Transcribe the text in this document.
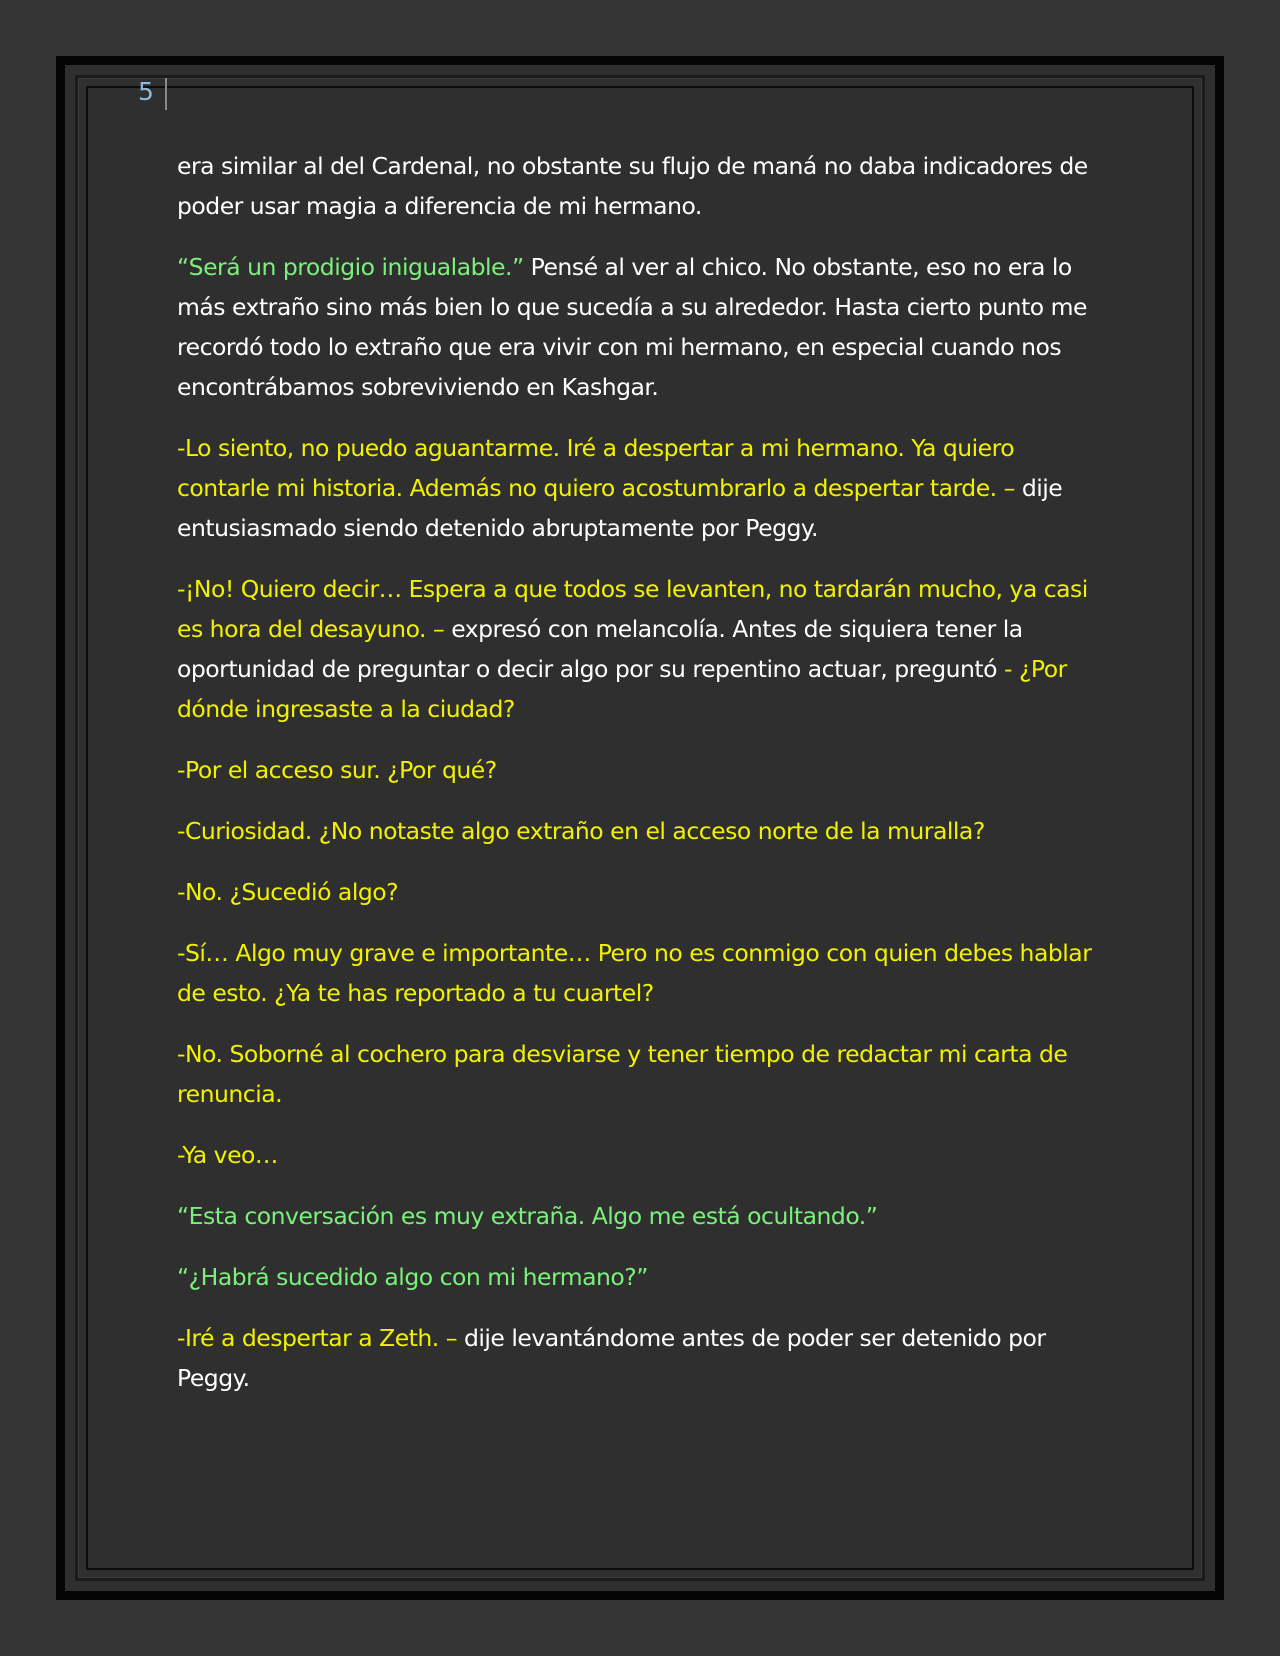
5

era similar al del Cardenal, no obstante su flujo de maná no daba indicadores de poder usar magia a diferencia de mi hermano.

“Será un prodigio inigualable.” Pensé al ver al chico. No obstante, eso no era lo más extraño sino más bien lo que sucedía a su alrededor. Hasta cierto punto me recordó todo lo extraño que era vivir con mi hermano, en especial cuando nos encontrábamos sobreviviendo en Kashgar.

-Lo siento, no puedo aguantarme. Iré a despertar a mi hermano. Ya quiero contarle mi historia. Además no quiero acostumbrarlo a despertar tarde. – dije entusiasmado siendo detenido abruptamente por Peggy.

-¡No! Quiero decir… Espera a que todos se levanten, no tardarán mucho, ya casi es hora del desayuno. – expresó con melancolía. Antes de siquiera tener la oportunidad de preguntar o decir algo por su repentino actuar, preguntó - ¿Por dónde ingresaste a la ciudad?

-Por el acceso sur. ¿Por qué?

-Curiosidad. ¿No notaste algo extraño en el acceso norte de la muralla?

-No. ¿Sucedió algo?

-Sí… Algo muy grave e importante… Pero no es conmigo con quien debes hablar de esto. ¿Ya te has reportado a tu cuartel?

-No. Soborné al cochero para desviarse y tener tiempo de redactar mi carta de renuncia.

-Ya veo…

“Esta conversación es muy extraña. Algo me está ocultando.”

“¿Habrá sucedido algo con mi hermano?”

-Iré a despertar a Zeth. – dije levantándome antes de poder ser detenido por Peggy.
